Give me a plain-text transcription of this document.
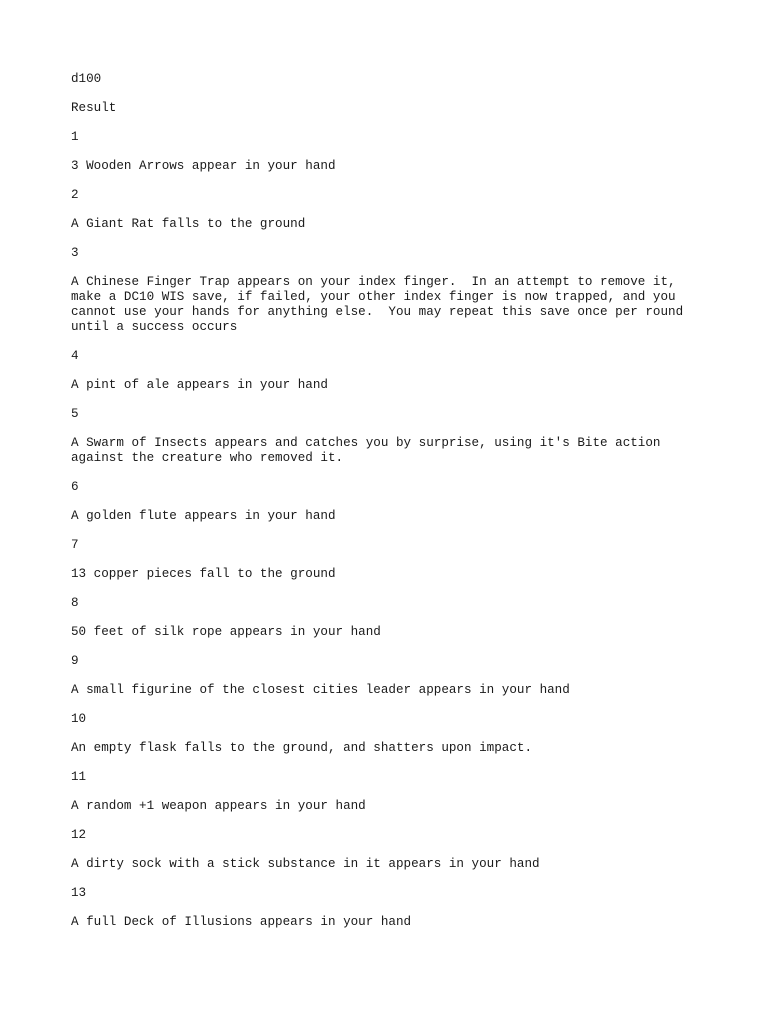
d100

Result

1

3 Wooden Arrows appear in your hand

2

A Giant Rat falls to the ground

3

A Chinese Finger Trap appears on your index finger.  In an attempt to remove it, make a DC10 WIS save, if failed, your other index finger is now trapped, and you cannot use your hands for anything else.  You may repeat this save once per round until a success occurs

4

A pint of ale appears in your hand

5

A Swarm of Insects appears and catches you by surprise, using it's Bite action against the creature who removed it.

6

A golden flute appears in your hand

7

13 copper pieces fall to the ground

8

50 feet of silk rope appears in your hand

9

A small figurine of the closest cities leader appears in your hand

10

An empty flask falls to the ground, and shatters upon impact.

11

A random +1 weapon appears in your hand

12

A dirty sock with a stick substance in it appears in your hand

13

A full Deck of Illusions appears in your hand
